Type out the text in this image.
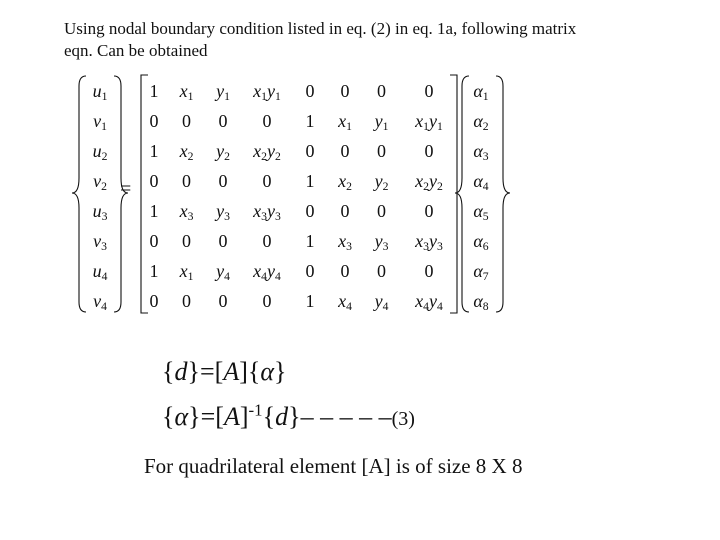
Using nodal boundary condition listed in eq. (2) in eq. 1a, following matrix
eqn. Can be obtained
$u_1$
$v_1$
$u_2$
$v_2$
$u_3$
$v_3$
$u_4$
$v_4$
=
1	$x_1$	$y_1$	$x_1y_1$	0	0	0	0
0	0	0	0	1	$x_1$	$y_1$	$x_1y_1$
1	$x_2$	$y_2$	$x_2y_2$	0	0	0	0
0	0	0	0	1	$x_2$	$y_2$	$x_2y_2$
1	$x_3$	$y_3$	$x_3y_3$	0	0	0	0
0	0	0	0	1	$x_3$	$y_3$	$x_3y_3$
1	$x_1$	$y_4$	$x_4y_4$	0	0	0	0
0	0	0	0	1	$x_4$	$y_4$	$x_4y_4$
$\alpha_1$
$\alpha_2$
$\alpha_3$
$\alpha_4$
$\alpha_5$
$\alpha_6$
$\alpha_7$
$\alpha_8$
{d}=[A]{α}
$\{\alpha\}=[A]^{-1}\{d\}-$ – – – –(3)
For quadrilateral element [A] is of size 8 X 8
